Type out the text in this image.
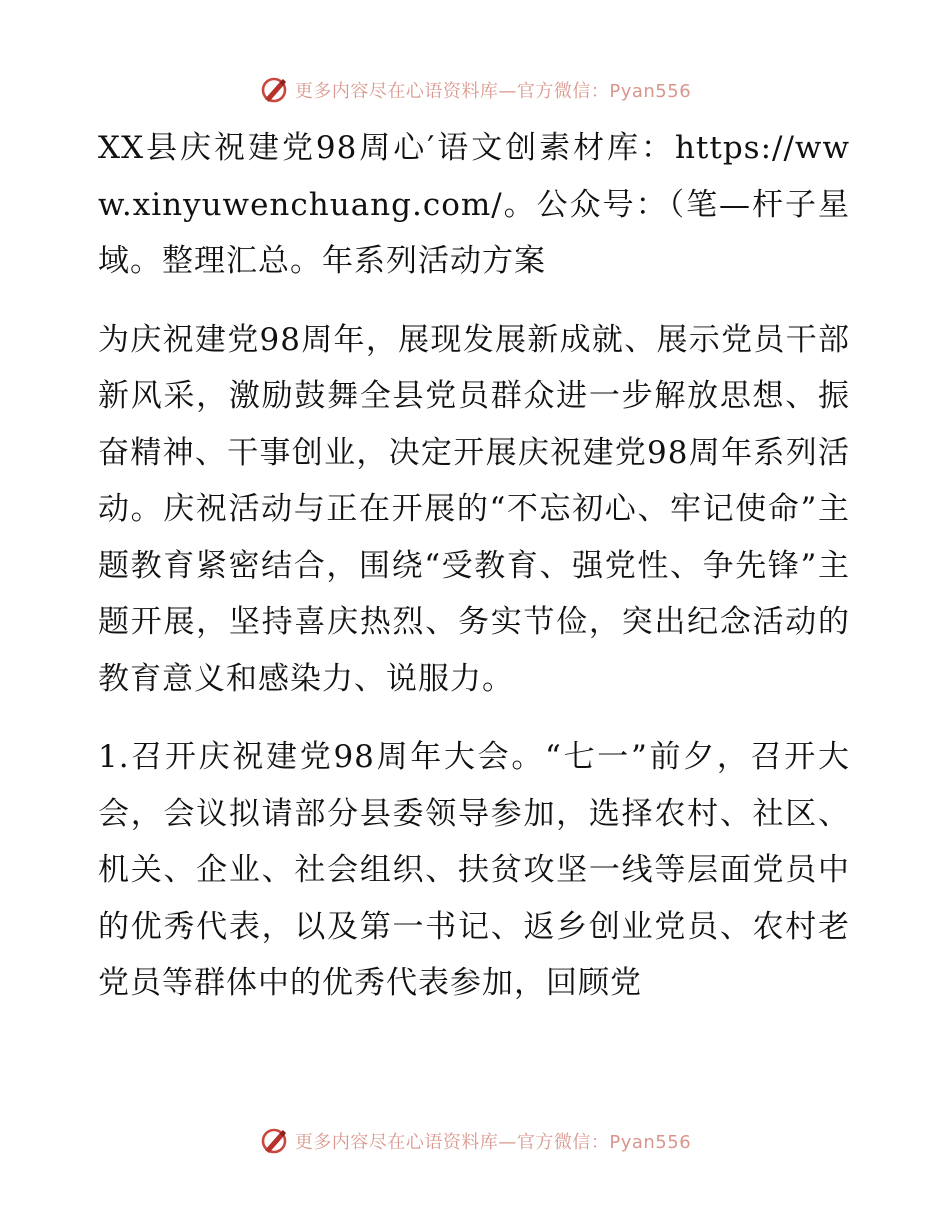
更多内容尽在心语资料库—官方微信：Pyan556

XX县庆祝建党98周心′语文创素材库：https://www.xinyuwenchuang.com/。公众号：（笔—杆子星域。整理汇总。年系列活动方案

为庆祝建党98周年，展现发展新成就、展示党员干部新风采，激励鼓舞全县党员群众进一步解放思想、振奋精神、干事创业，决定开展庆祝建党98周年系列活动。庆祝活动与正在开展的“不忘初心、牢记使命”主题教育紧密结合，围绕“受教育、强党性、争先锋”主题开展，坚持喜庆热烈、务实节俭，突出纪念活动的教育意义和感染力、说服力。

1.召开庆祝建党98周年大会。“七一”前夕，召开大会，会议拟请部分县委领导参加，选择农村、社区、机关、企业、社会组织、扶贫攻坚一线等层面党员中的优秀代表，以及第一书记、返乡创业党员、农村老党员等群体中的优秀代表参加，回顾党

更多内容尽在心语资料库—官方微信：Pyan556
